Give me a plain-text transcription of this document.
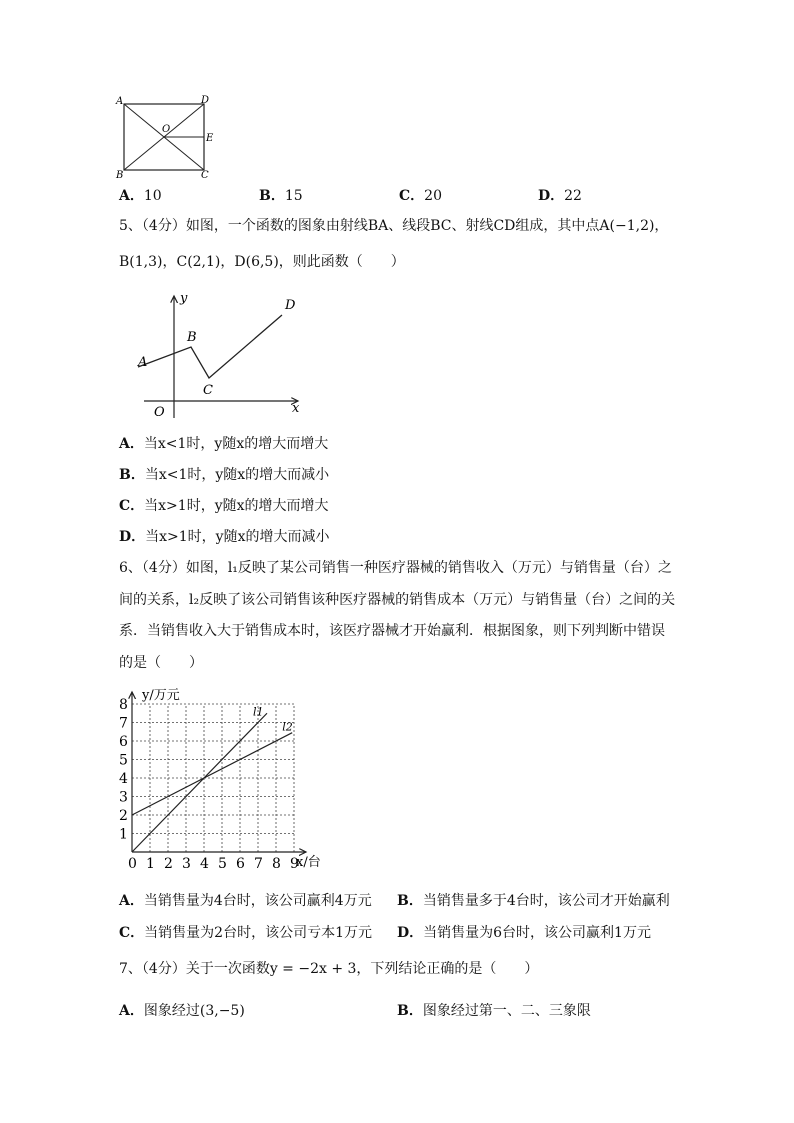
A	D
O
E
B	C
A．10	B．15	C．20	D．22
5、（4分）如图，一个函数的图象由射线BA、线段BC、射线CD组成，其中点A(−1,2)，
B(1,3)，C(2,1)，D(6,5)，则此函数（　　）
y	D
B
A
C
O	x
A．当x<1时，y随x的增大而增大
B．当x<1时，y随x的增大而减小
C．当x>1时，y随x的增大而增大
D．当x>1时，y随x的增大而减小
6、（4分）如图，l₁反映了某公司销售一种医疗器械的销售收入（万元）与销售量（台）之
间的关系，l₂反映了该公司销售该种医疗器械的销售成本（万元）与销售量（台）之间的关
系．当销售收入大于销售成本时，该医疗器械才开始赢利．根据图象，则下列判断中错误
的是（　　）
0 1 2 3 4 5 6 7 8 9
1
2
3
4
5
6
7
8
y/万元
x/台
l1
l2
A．当销售量为4台时，该公司赢利4万元 B．当销售量多于4台时，该公司才开始赢利
C．当销售量为2台时，该公司亏本1万元 D．当销售量为6台时，该公司赢利1万元
7、（4分）关于一次函数y = −2x + 3，下列结论正确的是（　　）
A．图象经过(3,−5)	B．图象经过第一、二、三象限
